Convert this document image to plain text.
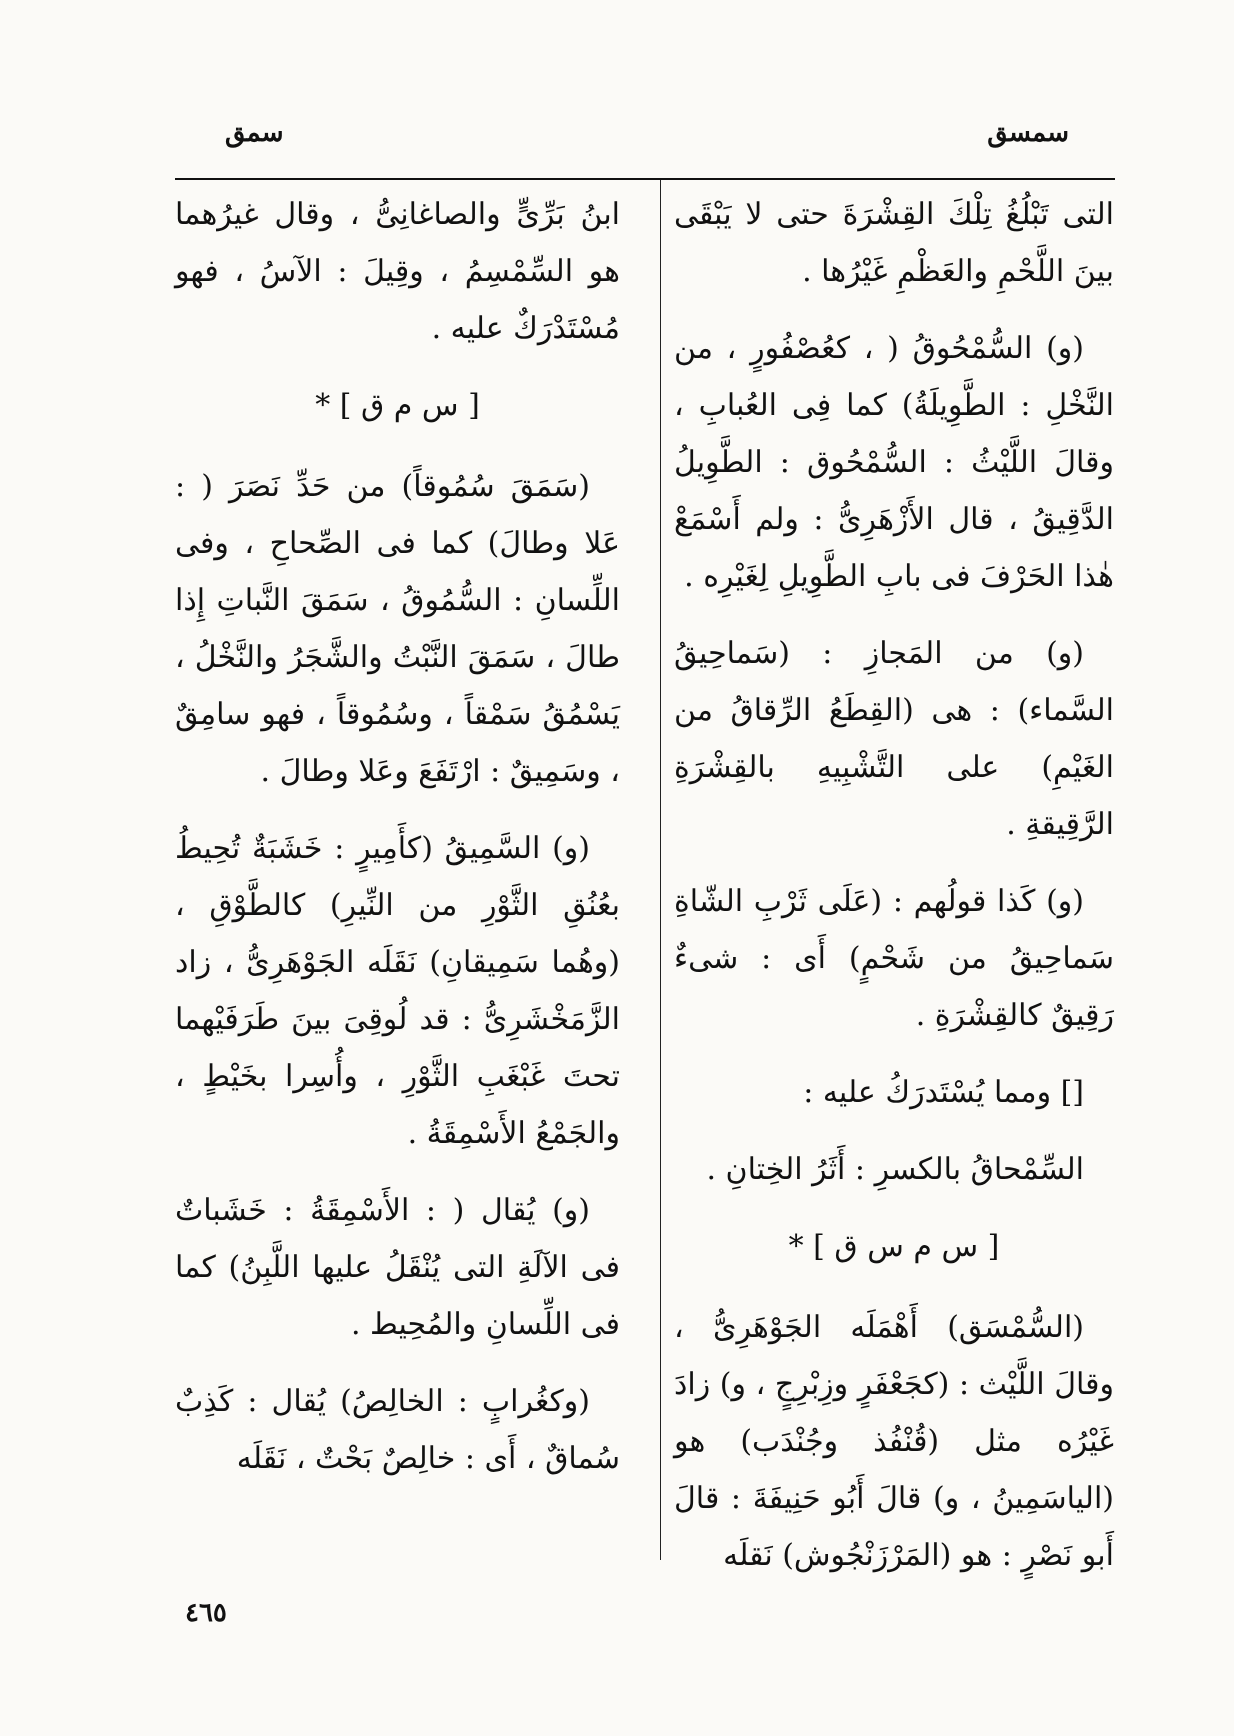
سمسق
سمق

التى تَبْلُغُ تِلْكَ القِشْرَةَ حتى لا يَبْقَى بينَ اللَّحْمِ والعَظْمِ غَيْرُها .

(و) السُّمْحُوقُ ( ، كعُصْفُورٍ ، من النَّخْلِ : الطَّوِيلَةُ) كما فِى العُبابِ ، وقالَ اللَّيْثُ : السُّمْحُوق : الطَّوِيلُ الدَّقِيقُ ، قال الأَزْهَرِىُّ : ولم أَسْمَعْ هٰذا الحَرْفَ فى بابِ الطَّوِيلِ لِغَيْرِه .

(و) من المَجازِ : (سَماحِيقُ السَّماء) : هى (القِطَعُ الرِّقاقُ من الغَيْمِ) على التَّشْبِيهِ بالقِشْرَةِ الرَّقِيقةِ .

(و) كَذا قولُهم : (عَلَى ثَرْبِ الشّاةِ سَماحِيقُ من شَحْمٍ) أَى : شىءٌ رَقِيقٌ كالقِشْرَةِ .

[] ومما يُسْتَدرَكُ عليه :

السِّمْحاقُ بالكسرِ : أَثَرُ الخِتانِ .

[ س م س ق ] *

(السُّمْسَق) أَهْمَلَه الجَوْهَرِىُّ ، وقالَ اللَّيْث : (كجَعْفَرٍ وزِبْرِجٍ ، و) زادَ غَيْرُه مثل (قُنْفُذ وجُنْدَب) هو (الياسَمِينُ ، و) قالَ أَبُو حَنِيفَةَ : قالَ أَبو نَصْرٍ : هو (المَرْزَنْجُوش) نَقلَه

ابنُ بَرِّىٍّ والصاغانِىُّ ، وقال غيرُهما هو السِّمْسِمُ ، وقِيلَ : الآسُ ، فهو مُسْتَدْرَكٌ عليه .

[ س م ق ] *

(سَمَقَ سُمُوقاً) من حَدِّ نَصَرَ ( : عَلا وطالَ) كما فى الصِّحاحِ ، وفى اللِّسانِ : السُّمُوقُ ، سَمَقَ النَّباتِ إِذا طالَ ، سَمَقَ النَّبْتُ والشَّجَرُ والنَّخْلُ ، يَسْمُقُ سَمْقاً ، وسُمُوقاً ، فهو سامِقٌ ، وسَمِيقٌ : ارْتَفَعَ وعَلا وطالَ .

(و) السَّمِيقُ (كأَمِيرٍ : خَشَبَةٌ تُحِيطُ بعُنُقِ الثَّوْرِ من النِّيرِ) كالطَّوْقِ ، (وهُما سَمِيقانِ) نَقَلَه الجَوْهَرِىُّ ، زاد الزَّمَخْشَرِىُّ : قد لُوقِىَ بينَ طَرَفَيْهما تحتَ غَبْغَبِ الثَّوْرِ ، وأُسِرا بخَيْطٍ ، والجَمْعُ الأَسْمِقَةُ .

(و) يُقال ( : الأَسْمِقَةُ : خَشَباتٌ فى الآلَةِ التى يُنْقَلُ عليها اللَّبِنُ) كما فى اللِّسانِ والمُحِيط .

(وكغُرابٍ : الخالِصُ) يُقال : كَذِبٌ سُماقٌ ، أَى : خالِصٌ بَحْتٌ ، نَقَلَه

٤٦٥
